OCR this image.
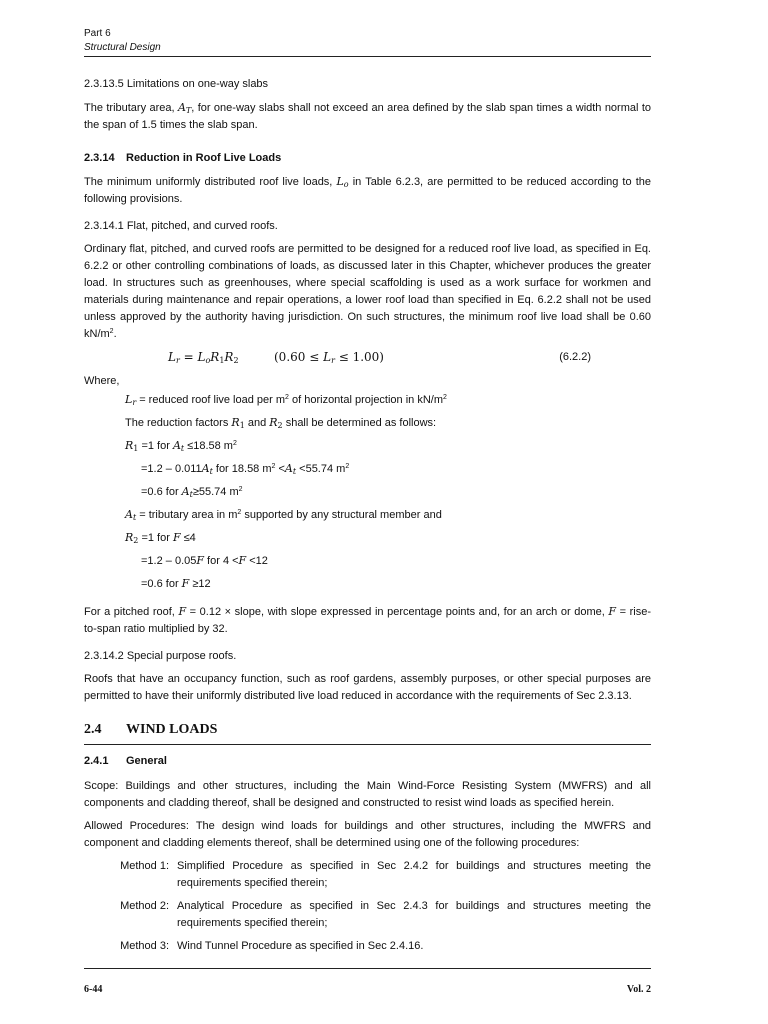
Part 6
Structural Design

2.3.13.5 Limitations on one-way slabs

The tributary area, $A_T$, for one-way slabs shall not exceed an area defined by the slab span times a width normal to the span of 1.5 times the slab span.

2.3.14	Reduction in Roof Live Loads

The minimum uniformly distributed roof live loads, $L_o$ in Table 6.2.3, are permitted to be reduced according to the following provisions.

2.3.14.1 Flat, pitched, and curved roofs.

Ordinary flat, pitched, and curved roofs are permitted to be designed for a reduced roof live load, as specified in Eq. 6.2.2 or other controlling combinations of loads, as discussed later in this Chapter, whichever produces the greater load. In structures such as greenhouses, where special scaffolding is used as a work surface for workmen and materials during maintenance and repair operations, a lower roof load than specified in Eq. 6.2.2 shall not be used unless approved by the authority having jurisdiction. On such structures, the minimum roof live load shall be 0.60 $kN/m^2$.

$L_r = L_oR_1R_2$	$(0.60 \le L_r \le 1.00)$	(6.2.2)

Where,

$L_r$ = reduced roof live load per $m^2$ of horizontal projection in $kN/m^2$
The reduction factors $R_1$ and $R_2$ shall be determined as follows:
$R_1 =1$ for $A_t \le 18.58$ $m^2$
$=1.2 - 0.011A_t$ for 18.58 $m^2 <A_t <55.74$ $m^2$
=0.6 for $A_t\ge 55.74$ $m^2$
$A_t$ = tributary area in $m^2$ supported by any structural member and
$R_2 =1$ for F ≤4
=1.2 – 0.05F for 4 <F <12
=0.6 for F ≥12

For a pitched roof, F = 0.12 × slope, with slope expressed in percentage points and, for an arch or dome, F = rise-to-span ratio multiplied by 32.

2.3.14.2 Special purpose roofs.

Roofs that have an occupancy function, such as roof gardens, assembly purposes, or other special purposes are permitted to have their uniformly distributed live load reduced in accordance with the requirements of Sec 2.3.13.

2.4	WIND LOADS
2.4.1	General

Scope: Buildings and other structures, including the Main Wind-Force Resisting System (MWFRS) and all components and cladding thereof, shall be designed and constructed to resist wind loads as specified herein.

Allowed Procedures: The design wind loads for buildings and other structures, including the MWFRS and component and cladding elements thereof, shall be determined using one of the following procedures:

Method 1: Simplified Procedure as specified in Sec 2.4.2 for buildings and structures meeting the requirements specified therein;
Method 2: Analytical Procedure as specified in Sec 2.4.3 for buildings and structures meeting the requirements specified therein;
Method 3: Wind Tunnel Procedure as specified in Sec 2.4.16.
6-44	Vol. 2
